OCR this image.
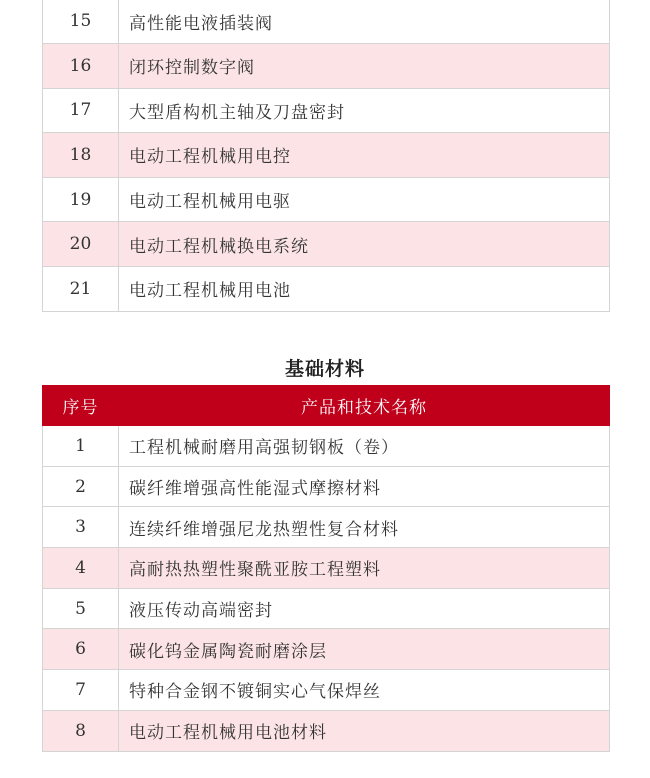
15	高性能电液插装阀
16	闭环控制数字阀
17	大型盾构机主轴及刀盘密封
18	电动工程机械用电控
19	电动工程机械用电驱
20	电动工程机械换电系统
21	电动工程机械用电池
基础材料
序号	产品和技术名称
1	工程机械耐磨用高强韧钢板（卷）
2	碳纤维增强高性能湿式摩擦材料
3	连续纤维增强尼龙热塑性复合材料
4	高耐热热塑性聚酰亚胺工程塑料
5	液压传动高端密封
6	碳化钨金属陶瓷耐磨涂层
7	特种合金钢不镀铜实心气保焊丝
8	电动工程机械用电池材料
